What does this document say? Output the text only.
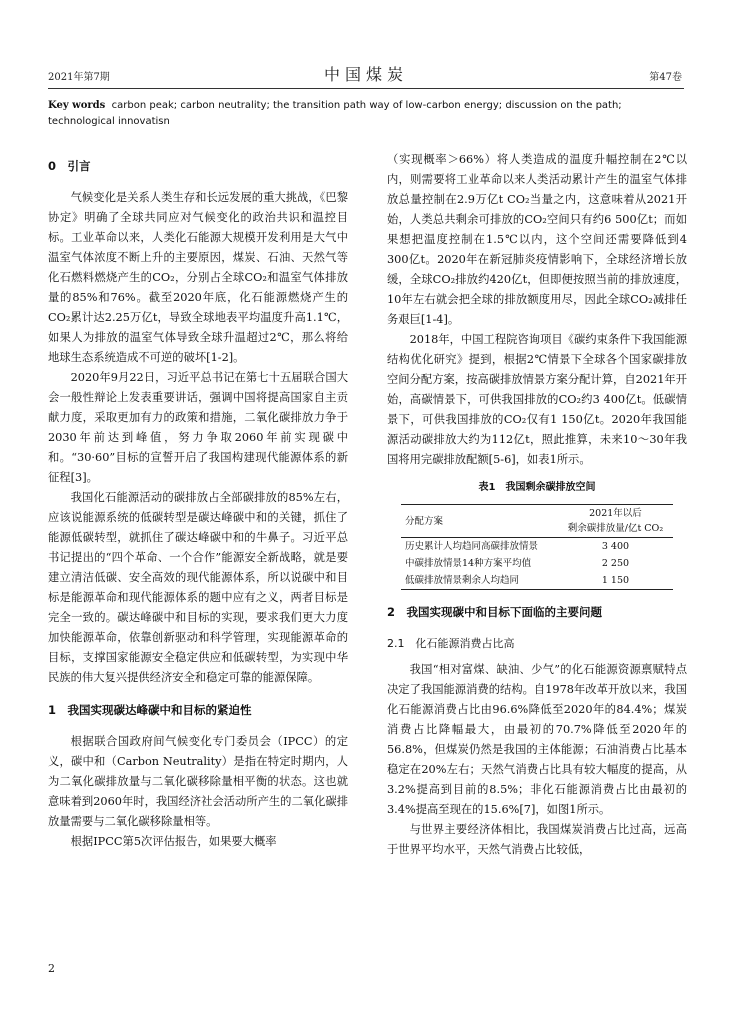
2021年第7期	中国煤炭	第47卷
Key words carbon peak; carbon neutrality; the transition path way of low-carbon energy; discussion on the path; technological innovatisn
0　引言

气候变化是关系人类生存和长远发展的重大挑战，《巴黎协定》明确了全球共同应对气候变化的政治共识和温控目标。工业革命以来，人类化石能源大规模开发利用是大气中温室气体浓度不断上升的主要原因，煤炭、石油、天然气等化石燃料燃烧产生的CO₂，分别占全球CO₂和温室气体排放量的85%和76%。截至2020年底，化石能源燃烧产生的CO₂累计达2.25万亿t，导致全球地表平均温度升高1.1℃，如果人为排放的温室气体导致全球升温超过2℃，那么将给地球生态系统造成不可逆的破坏[1-2]。

2020年9月22日，习近平总书记在第七十五届联合国大会一般性辩论上发表重要讲话，强调中国将提高国家自主贡献力度，采取更加有力的政策和措施，二氧化碳排放力争于2030年前达到峰值，努力争取2060年前实现碳中和。“30·60”目标的宣誓开启了我国构建现代能源体系的新征程[3]。

我国化石能源活动的碳排放占全部碳排放的85%左右，应该说能源系统的低碳转型是碳达峰碳中和的关键，抓住了能源低碳转型，就抓住了碳达峰碳中和的牛鼻子。习近平总书记提出的“四个革命、一个合作”能源安全新战略，就是要建立清洁低碳、安全高效的现代能源体系，所以说碳中和目标是能源革命和现代能源体系的题中应有之义，两者目标是完全一致的。碳达峰碳中和目标的实现，要求我们更大力度加快能源革命，依靠创新驱动和科学管理，实现能源革命的目标，支撑国家能源安全稳定供应和低碳转型，为实现中华民族的伟大复兴提供经济安全和稳定可靠的能源保障。

1　我国实现碳达峰碳中和目标的紧迫性

根据联合国政府间气候变化专门委员会（IPCC）的定义，碳中和（Carbon Neutrality）是指在特定时期内，人为二氧化碳排放量与二氧化碳移除量相平衡的状态。这也就意味着到2060年时，我国经济社会活动所产生的二氧化碳排放量需要与二氧化碳移除量相等。

根据IPCC第5次评估报告，如果要大概率

（实现概率＞66%）将人类造成的温度升幅控制在2℃以内，则需要将工业革命以来人类活动累计产生的温室气体排放总量控制在2.9万亿t CO₂当量之内，这意味着从2021开始，人类总共剩余可排放的CO₂空间只有约6 500亿t；而如果想把温度控制在1.5℃以内，这个空间还需要降低到4 300亿t。2020年在新冠肺炎疫情影响下，全球经济增长放缓，全球CO₂排放约420亿t，但即便按照当前的排放速度，10年左右就会把全球的排放额度用尽，因此全球CO₂减排任务艰巨[1-4]。

2018年，中国工程院咨询项目《碳约束条件下我国能源结构优化研究》提到，根据2℃情景下全球各个国家碳排放空间分配方案，按高碳排放情景方案分配计算，自2021年开始，高碳情景下，可供我国排放的CO₂约3 400亿t。低碳情景下，可供我国排放的CO₂仅有1 150亿t。2020年我国能源活动碳排放大约为112亿t，照此推算，未来10～30年我国将用完碳排放配额[5-6]，如表1所示。

表1　我国剩余碳排放空间
分配方案	2021年以后
剩余碳排放量/亿t CO₂
历史累计人均趋同高碳排放情景	3 400
中碳排放情景14种方案平均值	2 250
低碳排放情景剩余人均趋同	1 150
2　我国实现碳中和目标下面临的主要问题
2.1　化石能源消费占比高

我国“相对富煤、缺油、少气”的化石能源资源禀赋特点决定了我国能源消费的结构。自1978年改革开放以来，我国化石能源消费占比由96.6%降低至2020年的84.4%；煤炭消费占比降幅最大，由最初的70.7%降低至2020年的56.8%，但煤炭仍然是我国的主体能源；石油消费占比基本稳定在20%左右；天然气消费占比具有较大幅度的提高，从3.2%提高到目前的8.5%；非化石能源消费占比由最初的3.4%提高至现在的15.6%[7]，如图1所示。

与世界主要经济体相比，我国煤炭消费占比过高，远高于世界平均水平，天然气消费占比较低，

2
